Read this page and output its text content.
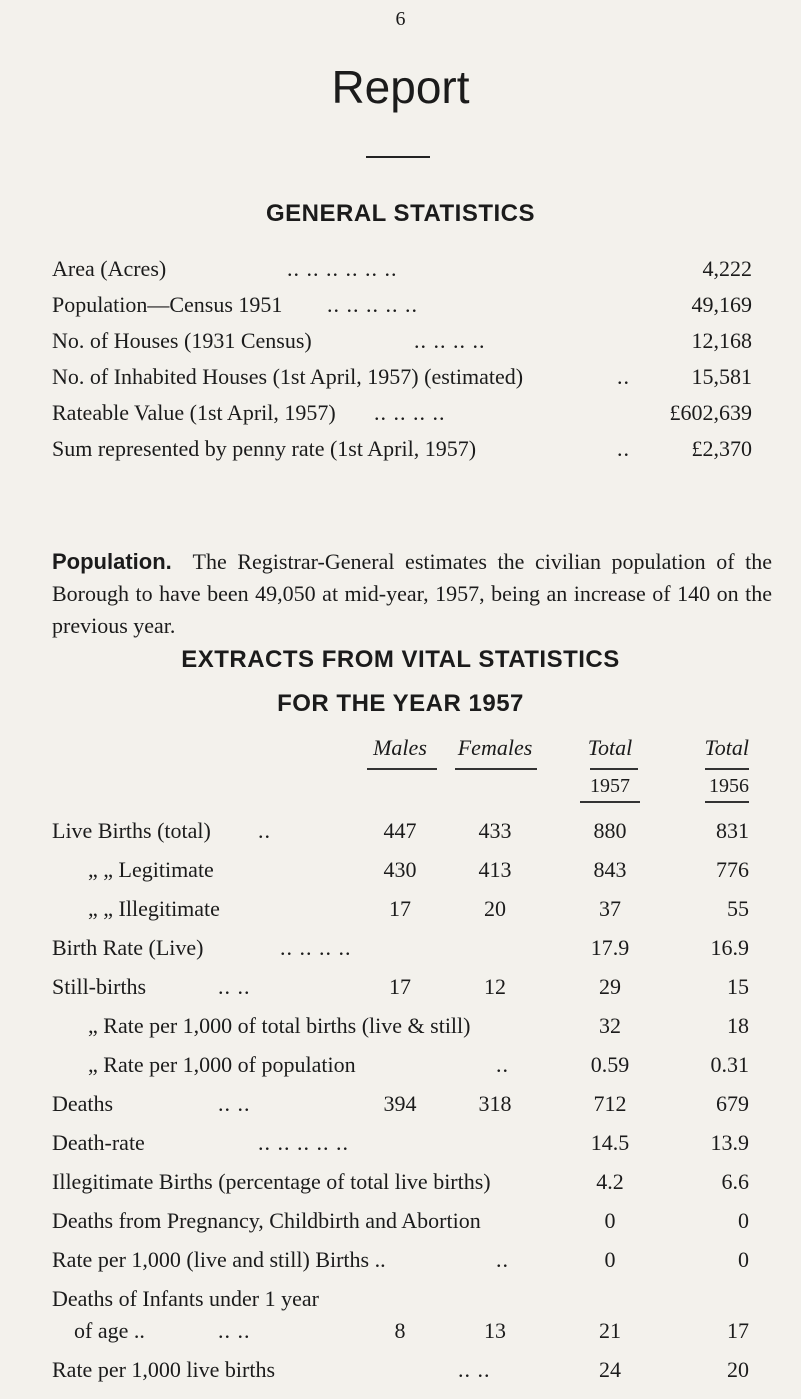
6
Report
GENERAL STATISTICS
Area (Acres)	.. .. .. .. .. ..	4,222
Population—Census 1951 .. .. .. .. ..	49,169
No. of Houses (1931 Census)	.. .. .. ..	12,168
No. of Inhabited Houses (1st April, 1957) (estimated)	..	15,581
Rateable Value (1st April, 1957) .. .. .. ..	£602,639
Sum represented by penny rate (1st April, 1957)	..	£2,370
Population. The Registrar-General estimates the civilian population of the Borough to have been 49,050 at mid-year, 1957, being an increase of 140 on the previous year.
EXTRACTS FROM VITAL STATISTICS
FOR THE YEAR 1957
Males	Females	Total	Total
1957	1956
Live Births (total) ..	447	433	880	831
„ „ Legitimate	430	413	843	776
„ „ Illegitimate	17	20	37	55
Birth Rate (Live)	.. .. .. ..	17.9	16.9
Still-births	.. ..	17	12	29	15
„ Rate per 1,000 of total births (live & still)	32	18
„ Rate per 1,000 of population	..	0.59	0.31
Deaths	.. ..	394	318	712	679
Death-rate	.. .. .. .. ..	14.5	13.9
Illegitimate Births (percentage of total live births)	4.2	6.6
Deaths from Pregnancy, Childbirth and Abortion	0	0
Rate per 1,000 (live and still) Births ..	..	0	0
Deaths of Infants under 1 year
of age ..	.. ..	8	13	21	17
Rate per 1,000 live births	.. ..	24	20
